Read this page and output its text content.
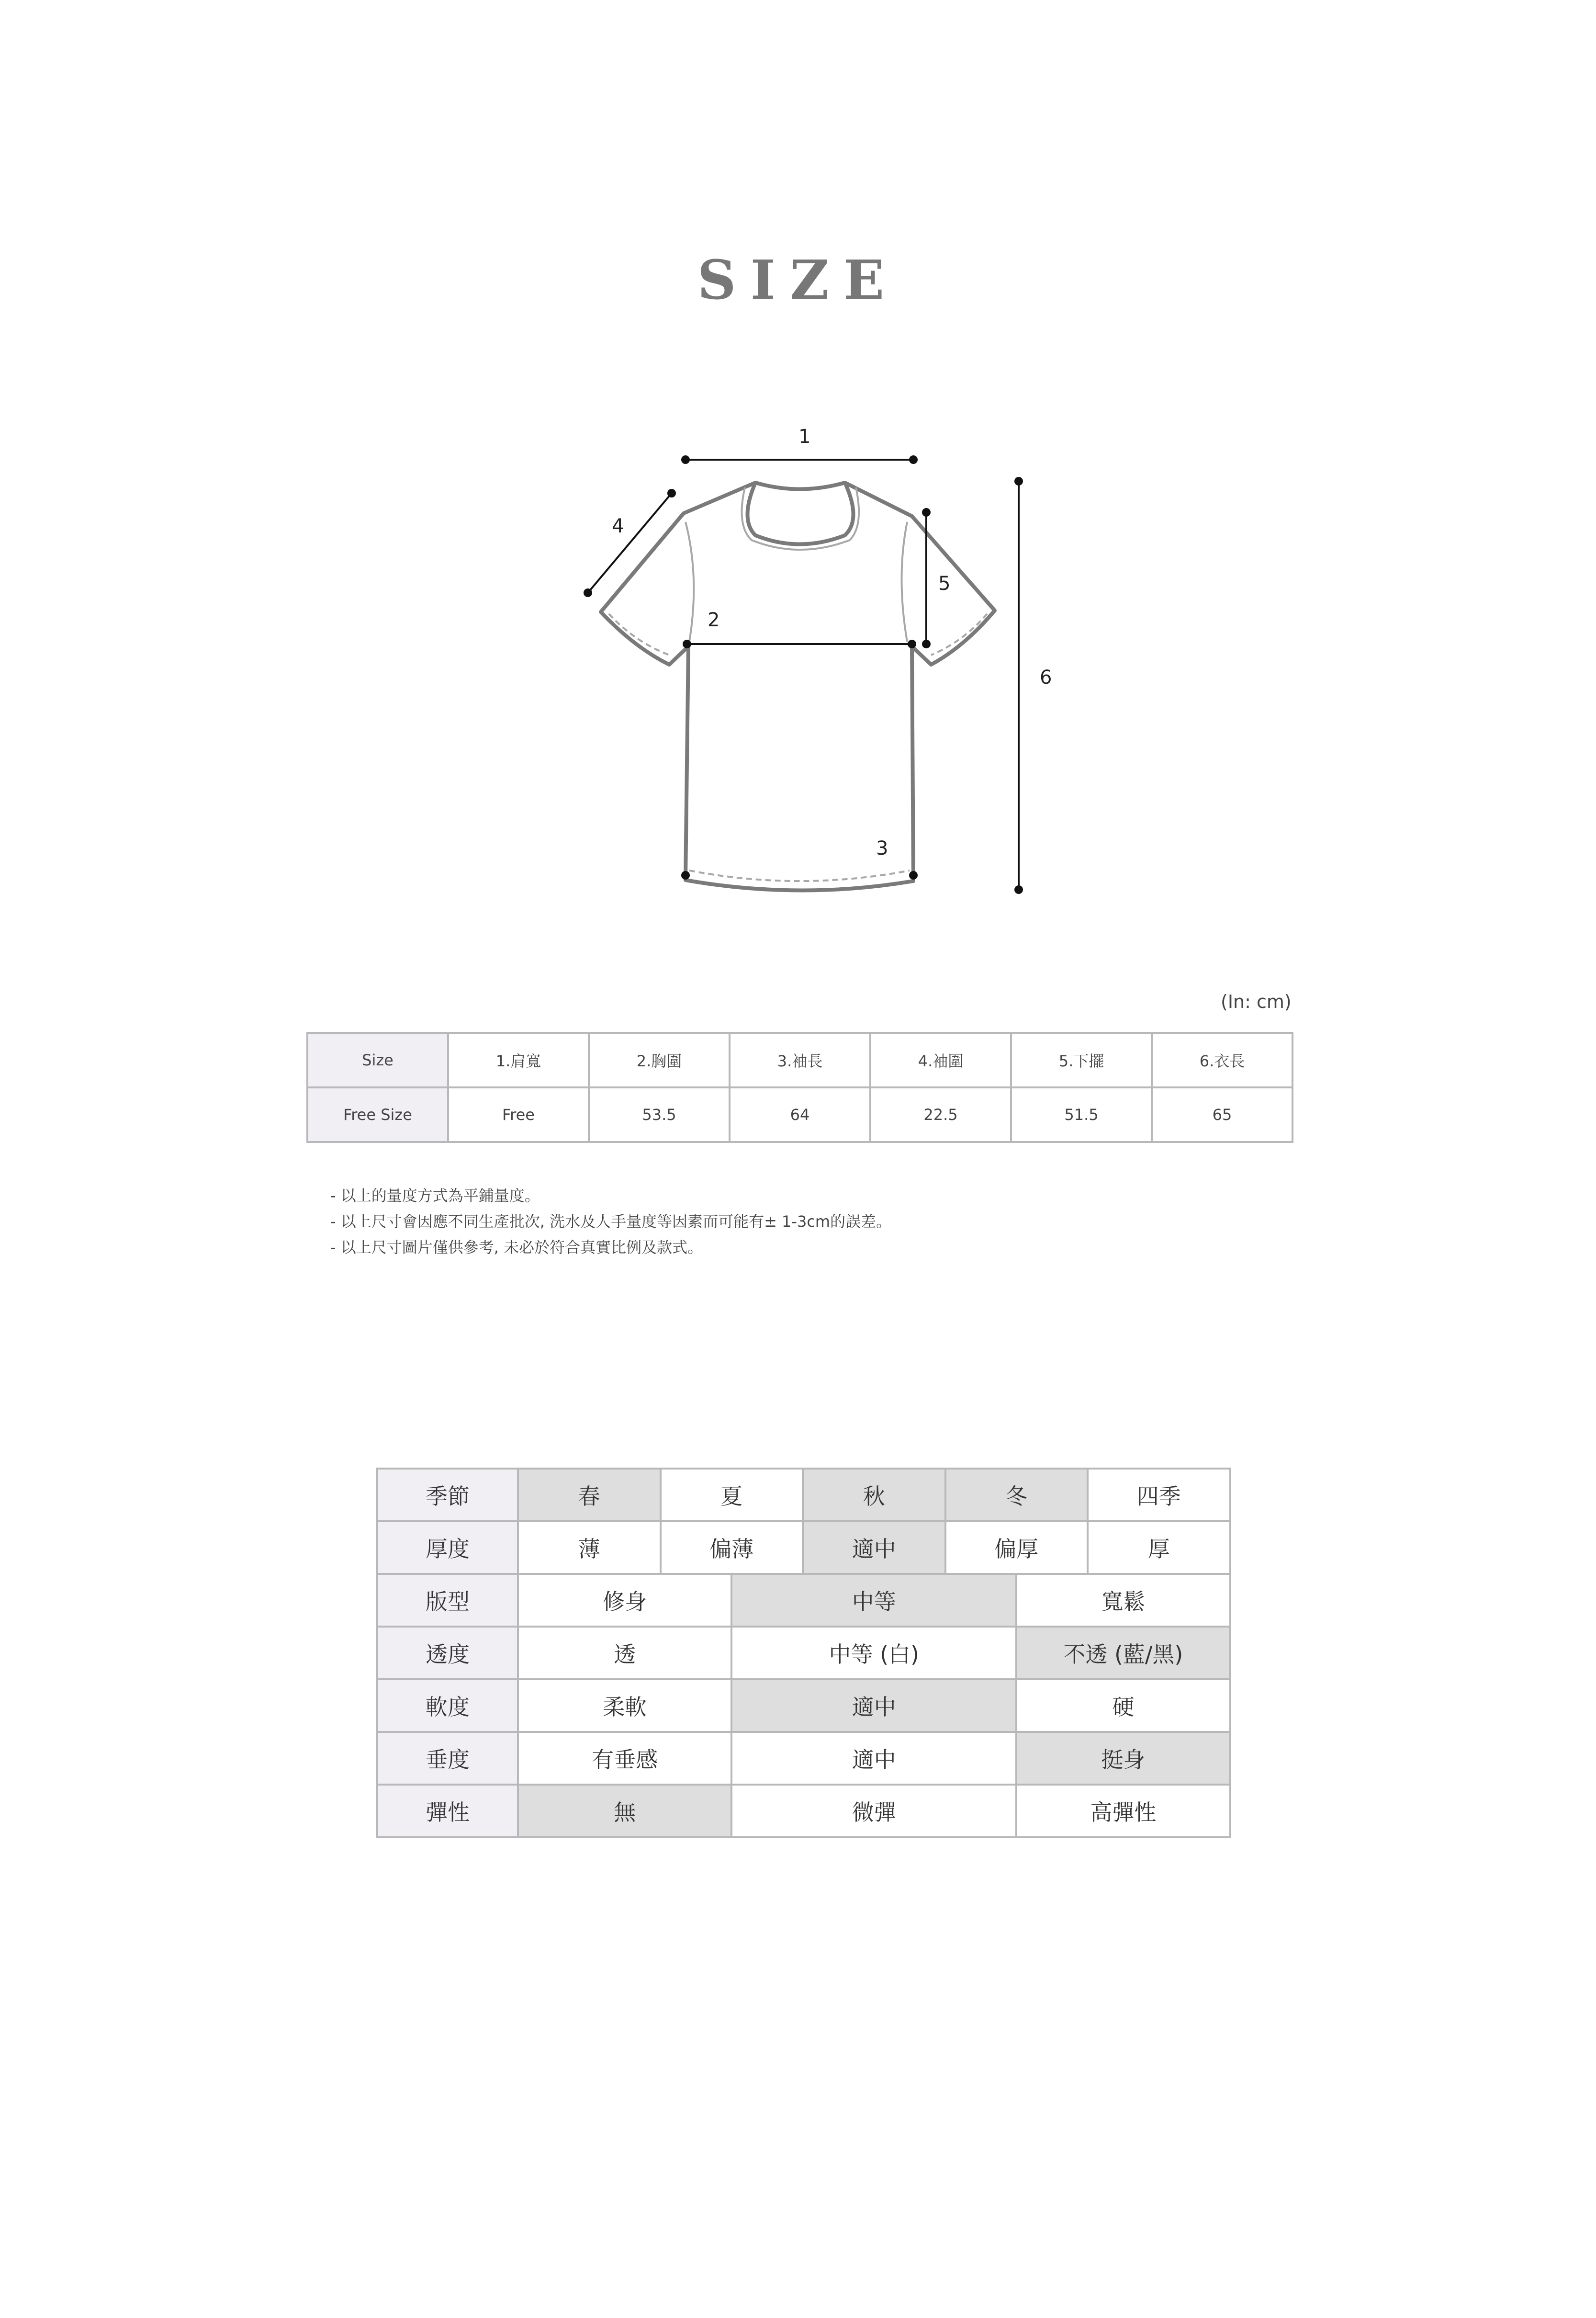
SIZE
1
2
3
4
5
6
(In: cm)
Size	1.肩寬	2.胸圍	3.袖長	4.袖圍	5.下擺	6.衣長
Free Size	Free	53.5	64	22.5	51.5	65
- 以上的量度方式為平鋪量度。
- 以上尺寸會因應不同生產批次, 洗水及人手量度等因素而可能有± 1-3cm的誤差。
- 以上尺寸圖片僅供參考, 未必於符合真實比例及款式。
季節	春	夏		秋	冬		四季
厚度	薄	偏薄		適中	偏厚		厚
版型	修身		中等			寬鬆	
透度	透		中等 (白)			不透 (藍/黑)	
軟度	柔軟		適中			硬	
垂度	有垂感		適中			挺身	
彈性	無		微彈			高彈性	
